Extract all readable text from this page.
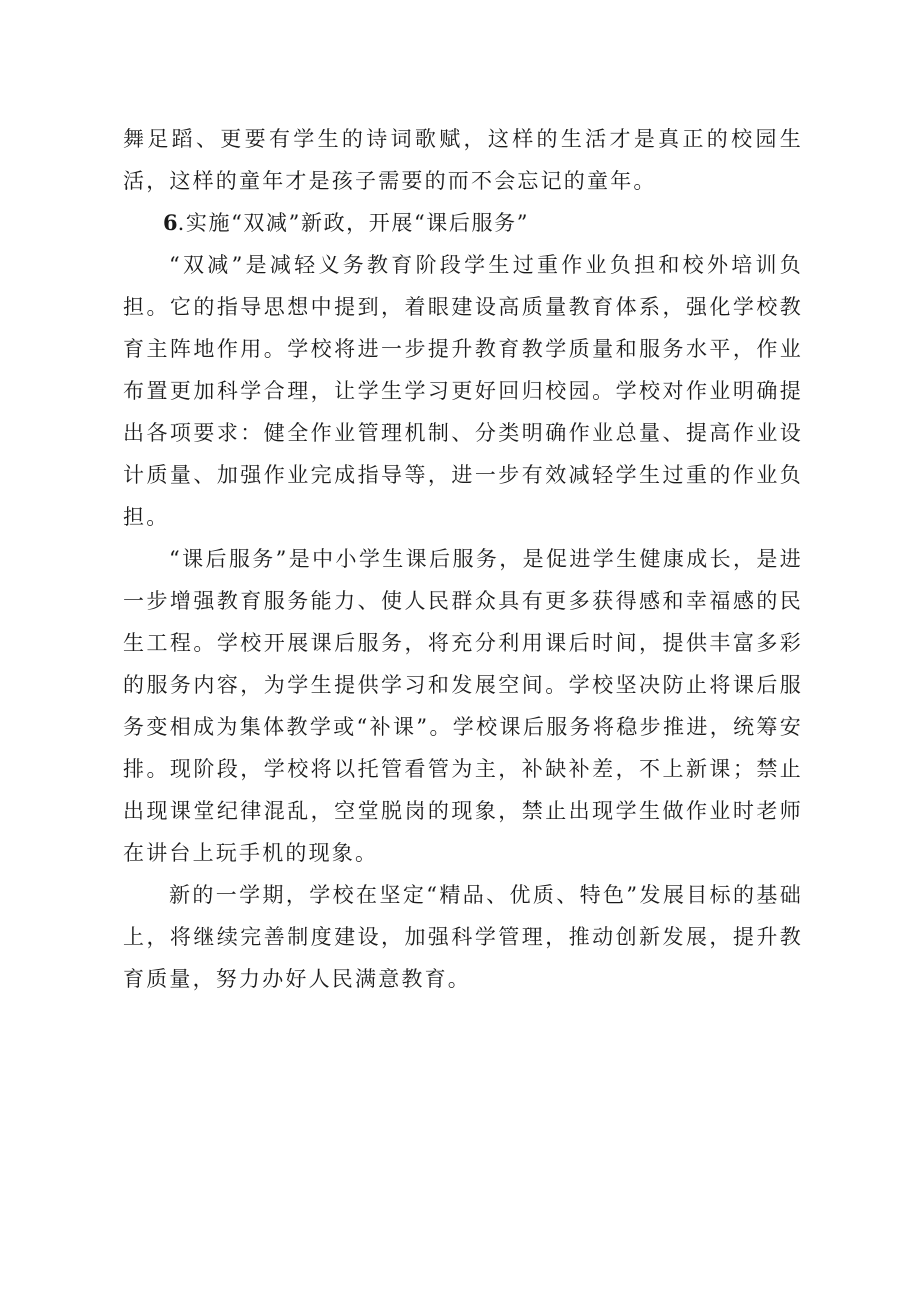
舞足蹈、更要有学生的诗词歌赋，这样的生活才是真正的校园生活，这样的童年才是孩子需要的而不会忘记的童年。

6.实施“双减”新政，开展“课后服务”

“双减”是减轻义务教育阶段学生过重作业负担和校外培训负担。它的指导思想中提到，着眼建设高质量教育体系，强化学校教育主阵地作用。学校将进一步提升教育教学质量和服务水平，作业布置更加科学合理，让学生学习更好回归校园。学校对作业明确提出各项要求：健全作业管理机制、分类明确作业总量、提高作业设计质量、加强作业完成指导等，进一步有效减轻学生过重的作业负担。

“课后服务”是中小学生课后服务，是促进学生健康成长，是进一步增强教育服务能力、使人民群众具有更多获得感和幸福感的民生工程。学校开展课后服务，将充分利用课后时间，提供丰富多彩的服务内容，为学生提供学习和发展空间。学校坚决防止将课后服务变相成为集体教学或“补课”。学校课后服务将稳步推进，统筹安排。现阶段，学校将以托管看管为主，补缺补差，不上新课；禁止出现课堂纪律混乱，空堂脱岗的现象，禁止出现学生做作业时老师在讲台上玩手机的现象。

新的一学期，学校在坚定“精品、优质、特色”发展目标的基础上，将继续完善制度建设，加强科学管理，推动创新发展，提升教育质量，努力办好人民满意教育。
